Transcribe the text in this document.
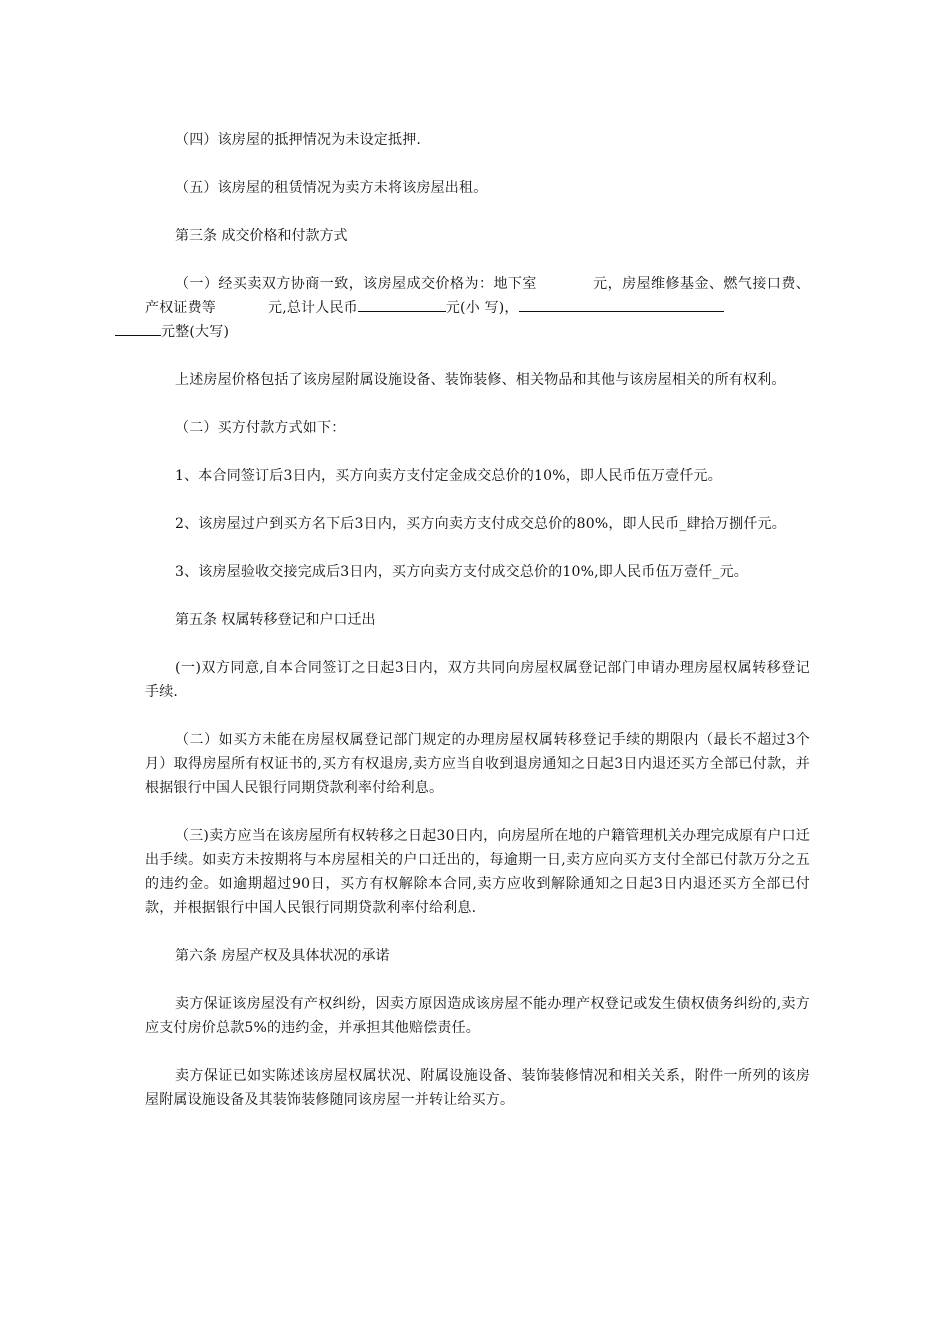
（四）该房屋的抵押情况为未设定抵押.

（五）该房屋的租赁情况为卖方未将该房屋出租。

第三条 成交价格和付款方式

（一）经买卖双方协商一致，该房屋成交价格为：地下室	元，房屋维修基金、燃气接口费、产权证费等	元,总计人民币	元(小 写)，
元整(大写)

上述房屋价格包括了该房屋附属设施设备、装饰装修、相关物品和其他与该房屋相关的所有权利。

（二）买方付款方式如下：

1、本合同签订后3日内，买方向卖方支付定金成交总价的10%，即人民币伍万壹仟元。

2、该房屋过户到买方名下后3日内，买方向卖方支付成交总价的80%，即人民币_肆拾万捌仟元。

3、该房屋验收交接完成后3日内，买方向卖方支付成交总价的10%,即人民币伍万壹仟_元。

第五条 权属转移登记和户口迁出

(一)双方同意,自本合同签订之日起3日内，双方共同向房屋权属登记部门申请办理房屋权属转移登记手续.

（二）如买方未能在房屋权属登记部门规定的办理房屋权属转移登记手续的期限内（最长不超过3个月）取得房屋所有权证书的,买方有权退房,卖方应当自收到退房通知之日起3日内退还买方全部已付款，并根据银行中国人民银行同期贷款利率付给利息。

（三)卖方应当在该房屋所有权转移之日起30日内，向房屋所在地的户籍管理机关办理完成原有户口迁出手续。如卖方未按期将与本房屋相关的户口迁出的，每逾期一日,卖方应向买方支付全部已付款万分之五的违约金。如逾期超过90日，买方有权解除本合同,卖方应收到解除通知之日起3日内退还买方全部已付款，并根据银行中国人民银行同期贷款利率付给利息.

第六条 房屋产权及具体状况的承诺

卖方保证该房屋没有产权纠纷，因卖方原因造成该房屋不能办理产权登记或发生债权债务纠纷的,卖方应支付房价总款5%的违约金，并承担其他赔偿责任。

卖方保证已如实陈述该房屋权属状况、附属设施设备、装饰装修情况和相关关系，附件一所列的该房屋附属设施设备及其装饰装修随同该房屋一并转让给买方。
